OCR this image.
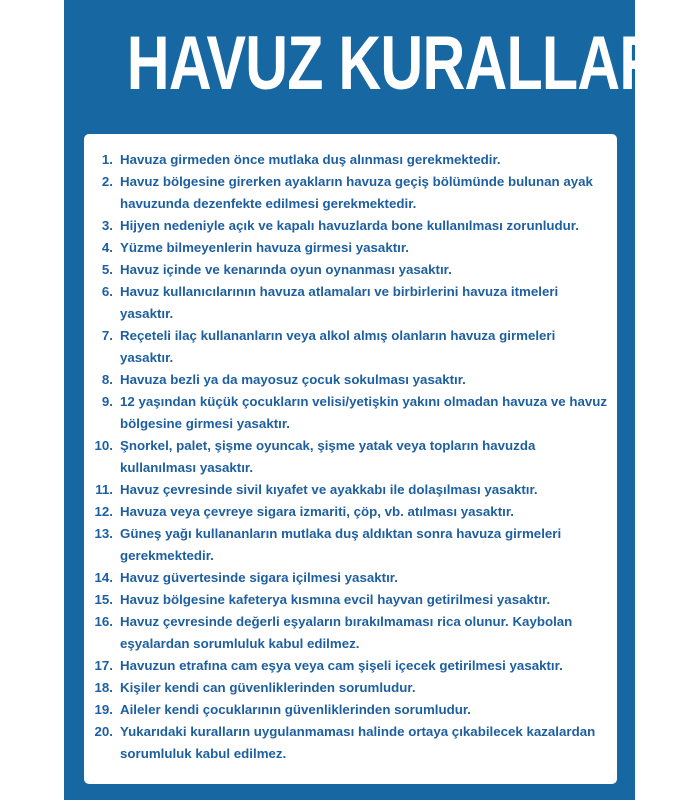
HAVUZ KURALLARI
1. Havuza girmeden önce mutlaka duş alınması gerekmektedir.
2. Havuz bölgesine girerken ayakların havuza geçiş bölümünde bulunan ayak havuzunda dezenfekte edilmesi gerekmektedir.
3. Hijyen nedeniyle açık ve kapalı havuzlarda bone kullanılması zorunludur.
4. Yüzme bilmeyenlerin havuza girmesi yasaktır.
5. Havuz içinde ve kenarında oyun oynanması yasaktır.
6. Havuz kullanıcılarının havuza atlamaları ve birbirlerini havuza itmeleri yasaktır.
7. Reçeteli ilaç kullananların veya alkol almış olanların havuza girmeleri yasaktır.
8. Havuza bezli ya da mayosuz çocuk sokulması yasaktır.
9. 12 yaşından küçük çocukların velisi/yetişkin yakını olmadan havuza ve havuz bölgesine girmesi yasaktır.
10. Şnorkel, palet, şişme oyuncak, şişme yatak veya topların havuzda kullanılması yasaktır.
11. Havuz çevresinde sivil kıyafet ve ayakkabı ile dolaşılması yasaktır.
12. Havuza veya çevreye sigara izmariti, çöp, vb. atılması yasaktır.
13. Güneş yağı kullananların mutlaka duş aldıktan sonra havuza girmeleri gerekmektedir.
14. Havuz güvertesinde sigara içilmesi yasaktır.
15. Havuz bölgesine kafeterya kısmına evcil hayvan getirilmesi yasaktır.
16. Havuz çevresinde değerli eşyaların bırakılmaması rica olunur. Kaybolan eşyalardan sorumluluk kabul edilmez.
17. Havuzun etrafına cam eşya veya cam şişeli içecek getirilmesi yasaktır.
18. Kişiler kendi can güvenliklerinden sorumludur.
19. Aileler kendi çocuklarının güvenliklerinden sorumludur.
20. Yukarıdaki kuralların uygulanmaması halinde ortaya çıkabilecek kazalardan sorumluluk kabul edilmez.
